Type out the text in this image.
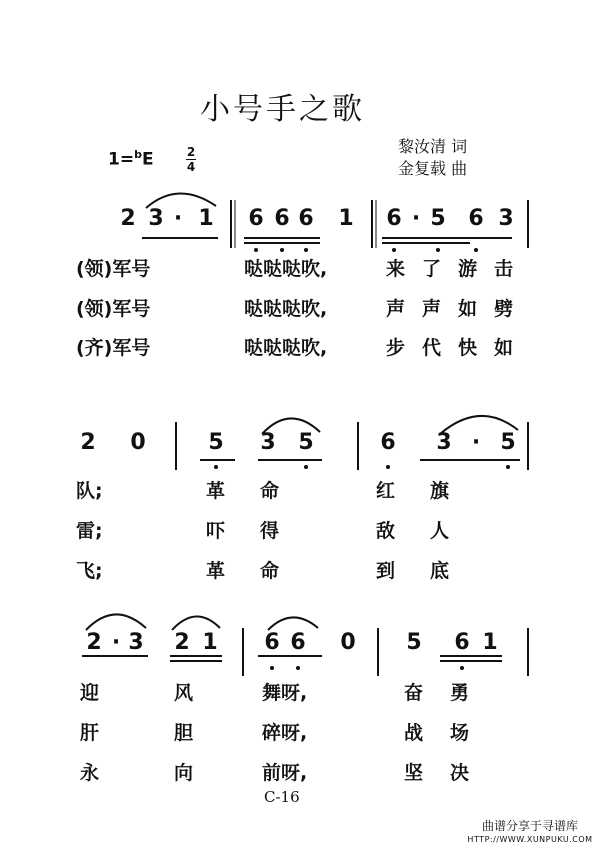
小号手之歌
黎汝清 词
金复载 曲
1=$^b$E	2
4
2 3 · 1 6 6 6 1 6 · 5 6 3
(领)军号	哒哒哒吹,	来 了 游 击
(领)军号	哒哒哒吹,	声 声 如 劈
(齐)军号	哒哒哒吹,	步 代 快 如
2 0	5 3 5	6 3 · 5
队;	革 命	红 旗
雷;	吓 得	敌 人
飞;	革 命	到 底
2 · 3 2 1 6 6 0 5 6 1
迎	风	舞呀,	奋 勇
肝	胆	碎呀,	战 场
永	向	前呀,	坚 决
C-16
曲谱分享于寻谱库
HTTP://WWW.XUNPUKU.COM
